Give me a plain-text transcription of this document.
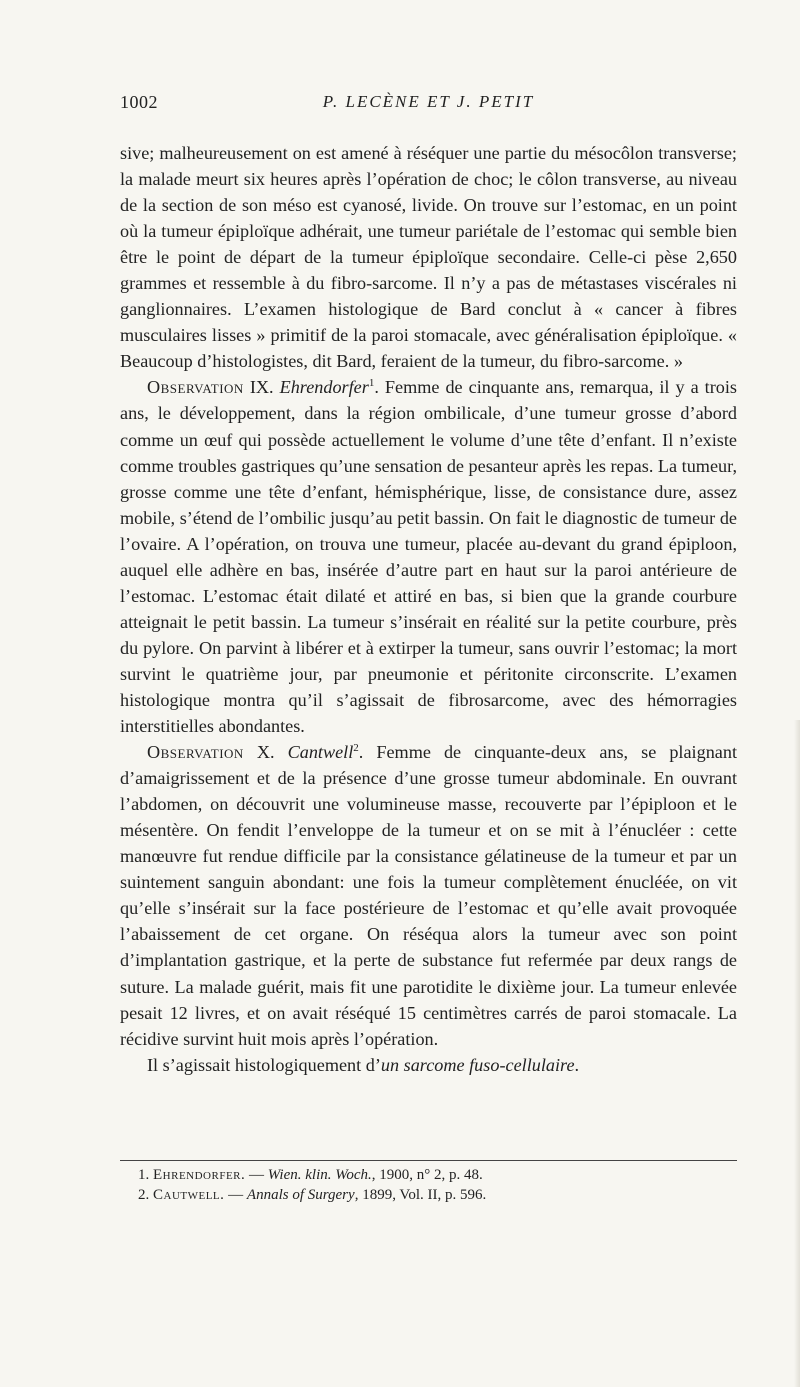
1002	P. LECÈNE ET J. PETIT

sive; malheureusement on est amené à réséquer une partie du mésocôlon transverse; la malade meurt six heures après l’opération de choc; le côlon transverse, au niveau de la section de son méso est cyanosé, livide. On trouve sur l’estomac, en un point où la tumeur épiploïque adhérait, une tumeur pariétale de l’estomac qui semble bien être le point de départ de la tumeur épiploïque secondaire. Celle-ci pèse 2,650 grammes et ressemble à du fibro-sarcome. Il n’y a pas de métastases viscérales ni ganglionnaires. L’examen histologique de Bard conclut à « cancer à fibres musculaires lisses » primitif de la paroi stomacale, avec généralisation épiploïque. « Beaucoup d’histologistes, dit Bard, feraient de la tumeur, du fibro-sarcome. »

Observation IX. Ehrendorfer$^1$. Femme de cinquante ans, remarqua, il y a trois ans, le développement, dans la région ombilicale, d’une tumeur grosse d’abord comme un œuf qui possède actuellement le volume d’une tête d’enfant. Il n’existe comme troubles gastriques qu’une sensation de pesanteur après les repas. La tumeur, grosse comme une tête d’enfant, hémisphérique, lisse, de consistance dure, assez mobile, s’étend de l’ombilic jusqu’au petit bassin. On fait le diagnostic de tumeur de l’ovaire. A l’opération, on trouva une tumeur, placée au-devant du grand épiploon, auquel elle adhère en bas, insérée d’autre part en haut sur la paroi antérieure de l’estomac. L’estomac était dilaté et attiré en bas, si bien que la grande courbure atteignait le petit bassin. La tumeur s’insérait en réalité sur la petite courbure, près du pylore. On parvint à libérer et à extirper la tumeur, sans ouvrir l’estomac; la mort survint le quatrième jour, par pneumonie et péritonite circonscrite. L’examen histologique montra qu’il s’agissait de fibrosarcome, avec des hémorragies interstitielles abondantes.

Observation X. Cantwell$^2$. Femme de cinquante-deux ans, se plaignant d’amaigrissement et de la présence d’une grosse tumeur abdominale. En ouvrant l’abdomen, on découvrit une volumineuse masse, recouverte par l’épiploon et le mésentère. On fendit l’enveloppe de la tumeur et on se mit à l’énucléer : cette manœuvre fut rendue difficile par la consistance gélatineuse de la tumeur et par un suintement sanguin abondant: une fois la tumeur complètement énucléée, on vit qu’elle s’insérait sur la face postérieure de l’estomac et qu’elle avait provoquée l’abaissement de cet organe. On réséqua alors la tumeur avec son point d’implantation gastrique, et la perte de substance fut refermée par deux rangs de suture. La malade guérit, mais fit une parotidite le dixième jour. La tumeur enlevée pesait 12 livres, et on avait réséqué 15 centimètres carrés de paroi stomacale. La récidive survint huit mois après l’opération.

Il s’agissait histologiquement d’un sarcome fuso-cellulaire.

1. Ehrendorfer. — Wien. klin. Woch., 1900, n° 2, p. 48.
2. Cautwell. — Annals of Surgery, 1899, Vol. II, p. 596.
